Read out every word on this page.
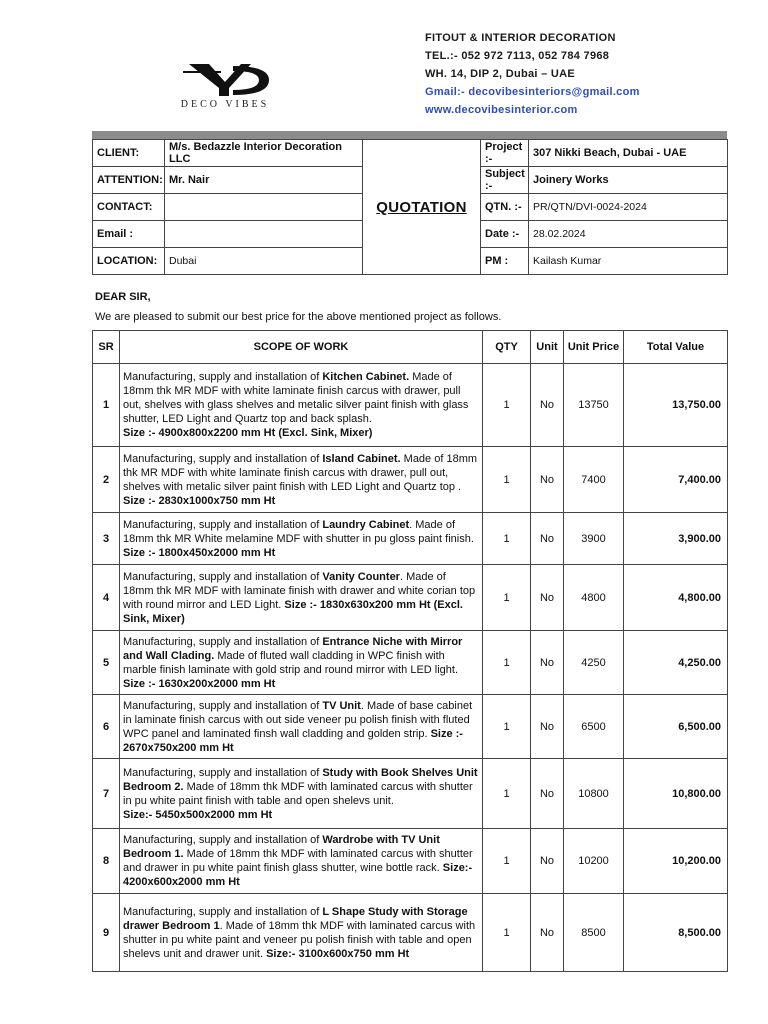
DECO VIBES
FITOUT & INTERIOR DECORATION
TEL.:- 052 972 7113, 052 784 7968
WH. 14, DIP 2, Dubai – UAE
Gmail:- decovibesinteriors@gmail.com
www.decovibesinterior.com
CLIENT:	M/s. Bedazzle Interior Decoration LLC	QUOTATION	Project :-	307 Nikki Beach, Dubai - UAE
ATTENTION:	Mr. Nair		Subject :-	Joinery Works
CONTACT:			QTN. :-	PR/QTN/DVI-0024-2024
Email :			Date :-	28.02.2024
LOCATION:	Dubai		PM :	Kailash Kumar
DEAR SIR,
We are pleased to submit our best price for the above mentioned project as follows.
SR	SCOPE OF WORK	QTY	Unit	Unit Price	Total Value
1	Manufacturing, supply and installation of Kitchen Cabinet. Made of 18mm thk MR MDF with white laminate finish carcus with drawer, pull out, shelves with glass shelves and metalic silver paint finish with glass shutter, LED Light and Quartz top and back splash.
Size :- 4900x800x2200 mm Ht (Excl. Sink, Mixer)	1	No	13750	13,750.00
2	Manufacturing, supply and installation of Island Cabinet. Made of 18mm thk MR MDF with white laminate finish carcus with drawer, pull out, shelves with metalic silver paint finish with LED Light and Quartz top .
Size :- 2830x1000x750 mm Ht	1	No	7400	7,400.00
3	Manufacturing, supply and installation of Laundry Cabinet. Made of 18mm thk MR White melamine MDF with shutter in pu gloss paint finish.
Size :- 1800x450x2000 mm Ht	1	No	3900	3,900.00
4	Manufacturing, supply and installation of Vanity Counter. Made of 18mm thk MR MDF with laminate finish with drawer and white corian top with round mirror and LED Light. Size :- 1830x630x200 mm Ht (Excl. Sink, Mixer)	1	No	4800	4,800.00
5	Manufacturing, supply and installation of Entrance Niche with Mirror and Wall Clading. Made of fluted wall cladding in WPC finish with marble finish laminate with gold strip and round mirror with LED light.
Size :- 1630x200x2000 mm Ht	1	No	4250	4,250.00
6	Manufacturing, supply and installation of TV Unit. Made of base cabinet in laminate finish carcus with out side veneer pu polish finish with fluted WPC panel and laminated finsh wall cladding and golden strip. Size :- 2670x750x200 mm Ht	1	No	6500	6,500.00
7	Manufacturing, supply and installation of Study with Book Shelves Unit Bedroom 2. Made of 18mm thk MDF with laminated carcus with shutter in pu white paint finish with table and open shelevs unit.
Size:- 5450x500x2000 mm Ht	1	No	10800	10,800.00
8	Manufacturing, supply and installation of Wardrobe with TV Unit Bedroom 1. Made of 18mm thk MDF with laminated carcus with shutter and drawer in pu white paint finish glass shutter, wine bottle rack. Size:- 4200x600x2000 mm Ht	1	No	10200	10,200.00
9	Manufacturing, supply and installation of L Shape Study with Storage drawer Bedroom 1. Made of 18mm thk MDF with laminated carcus with shutter in pu white paint and veneer pu polish finish with table and open shelevs unit and drawer unit. Size:- 3100x600x750 mm Ht	1	No	8500	8,500.00
